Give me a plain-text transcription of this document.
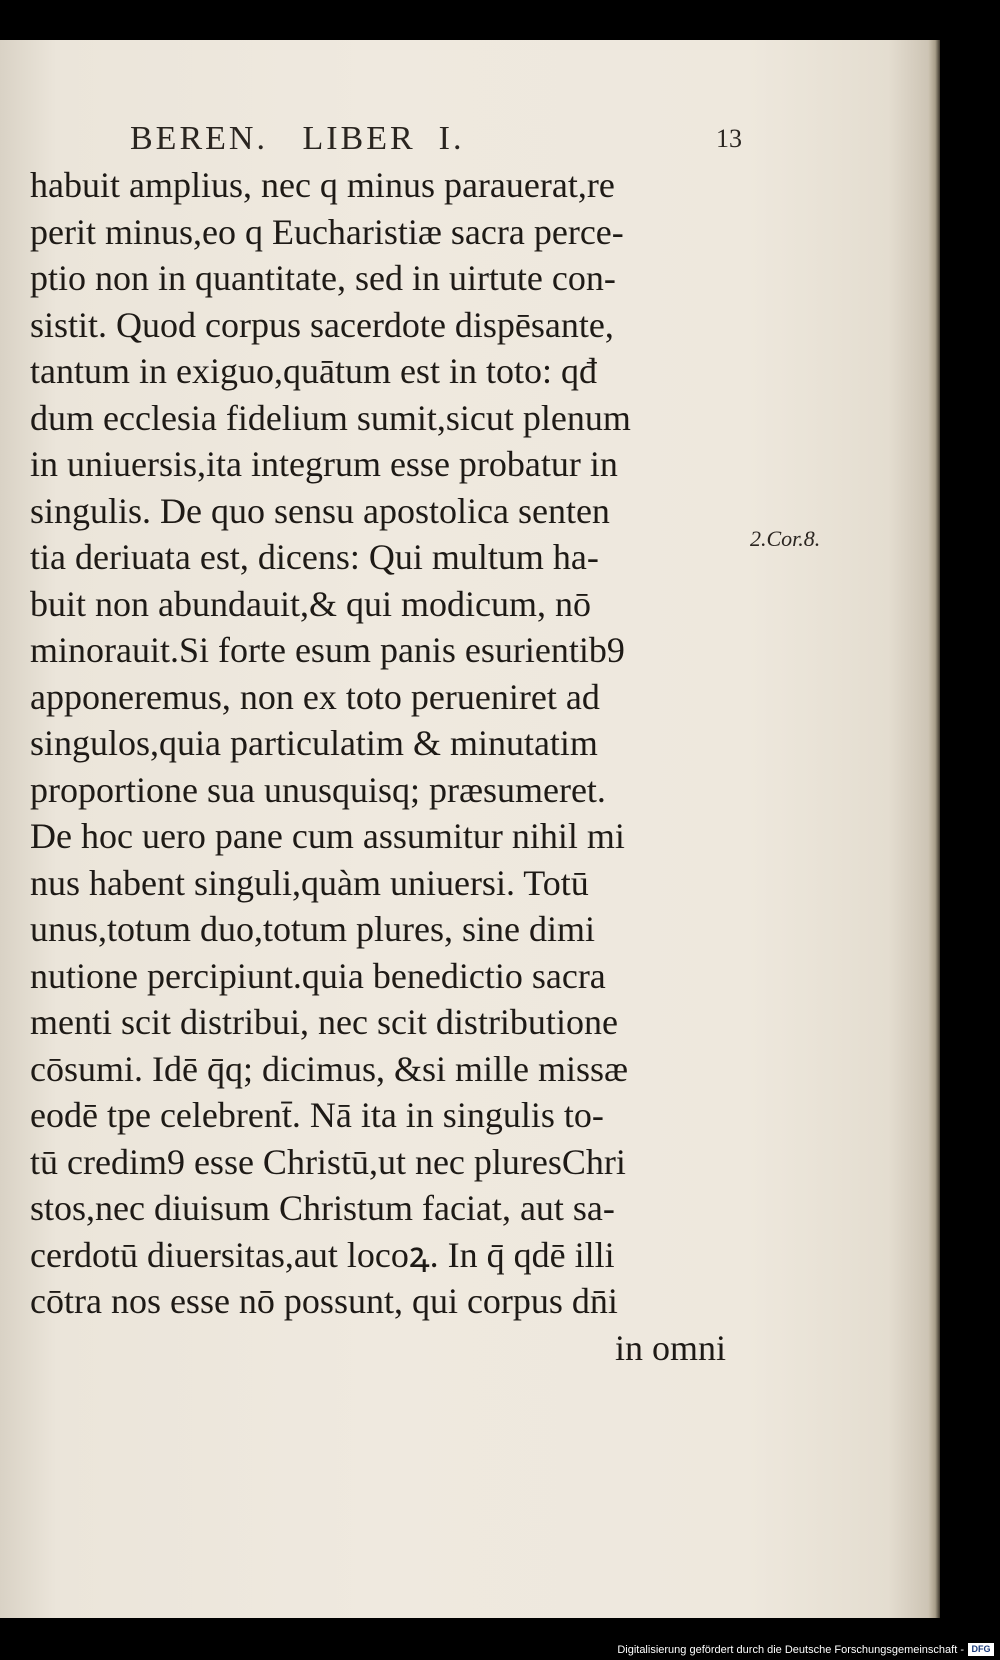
BEREN.   LIBER  I.	13
habuit amplius, nec q minus parauerat,re
perit minus,eo q Eucharistiæ sacra perce-
ptio non in quantitate, sed in uirtute con-
sistit. Quod corpus sacerdote dispēsante,
tantum in exiguo,quātum est in toto: qđ
dum ecclesia fidelium sumit,sicut plenum
in uniuersis,ita integrum esse probatur in
singulis. De quo sensu apostolica senten
tia deriuata est, dicens: Qui multum ha-
buit non abundauit,& qui modicum, nō
minorauit.Si forte esum panis esurientib9
apponeremus, non ex toto perueniret ad
singulos,quia particulatim & minutatim
proportione sua unusquisq; præsumeret.
De hoc uero pane cum assumitur nihil mi
nus habent singuli,quàm uniuersi. Totū
unus,totum duo,totum plures, sine dimi
nutione percipiunt.quia benedictio sacra
menti scit distribui, nec scit distributione
cōsumi. Idē q̄q; dicimus, &si mille missæ
eodē tpe celebrent̄. Nā ita in singulis to-
tū credim9 esse Christū,ut nec pluresChri
stos,nec diuisum Christum faciat, aut sa-
cerdotū diuersitas,aut locoꝝ. In q̄ qdē illi
cōtra nos esse nō possunt, qui corpus dn̄i
in omni
2.Cor.8.
Digitalisierung gefördert durch die Deutsche Forschungsgemeinschaft - DFG
